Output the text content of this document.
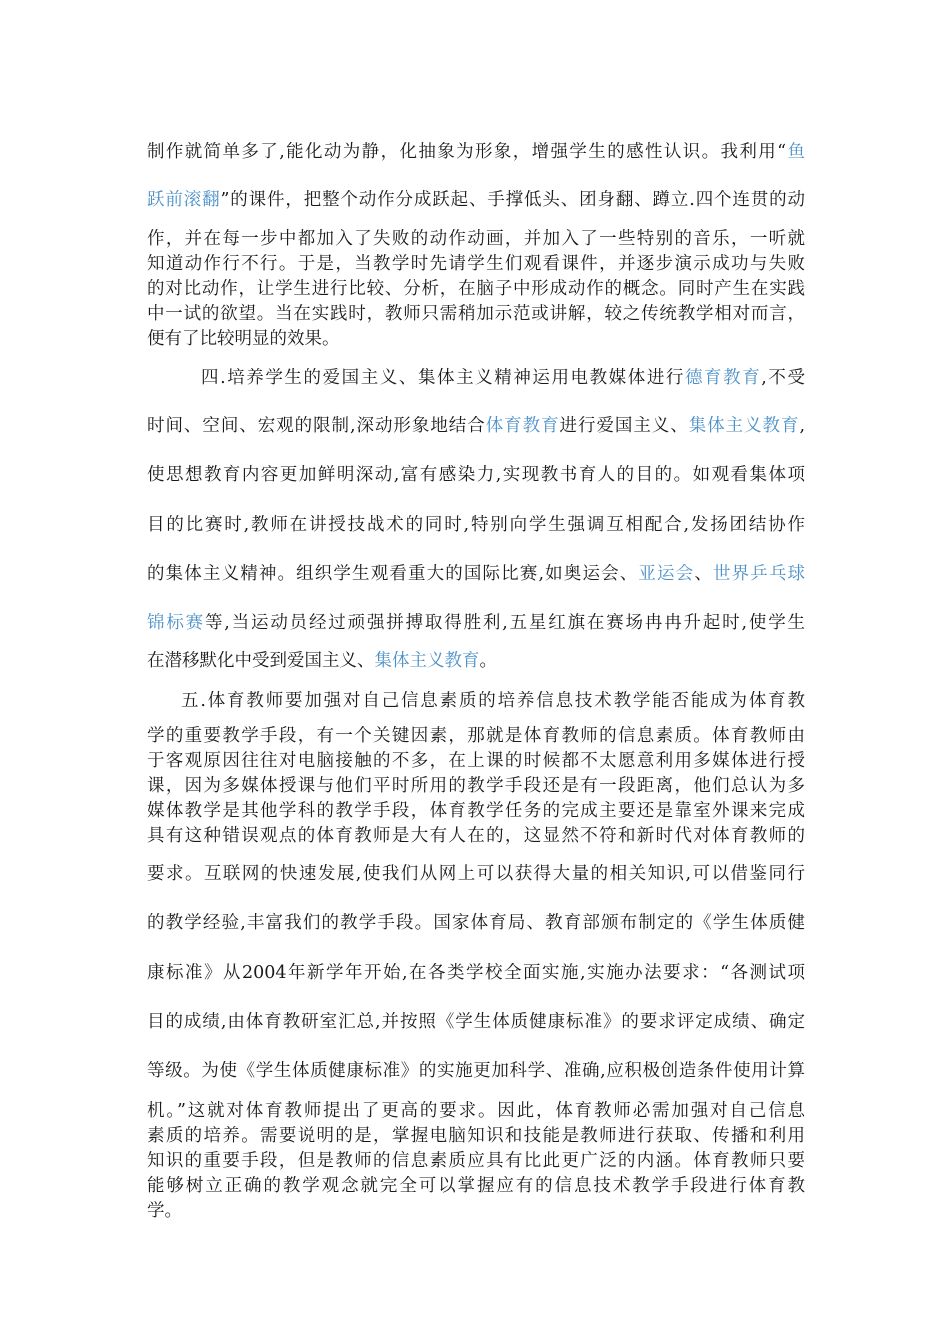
制作就简单多了,能化动为静，化抽象为形象，增强学生的感性认识。我利用“鱼
跃前滚翻”的课件，把整个动作分成跃起、手撑低头、团身翻、蹲立.四个连贯的动
作，并在每一步中都加入了失败的动作动画，并加入了一些特别的音乐，一听就
知道动作行不行。于是，当教学时先请学生们观看课件，并逐步演示成功与失败
的对比动作，让学生进行比较、分析，在脑子中形成动作的概念。同时产生在实践
中一试的欲望。当在实践时，教师只需稍加示范或讲解，较之传统教学相对而言，
便有了比较明显的效果。
四.培养学生的爱国主义、集体主义精神运用电教媒体进行德育教育,不受
时间、空间、宏观的限制,深动形象地结合体育教育进行爱国主义、集体主义教育,
使思想教育内容更加鲜明深动,富有感染力,实现教书育人的目的。如观看集体项
目的比赛时,教师在讲授技战术的同时,特别向学生强调互相配合,发扬团结协作
的集体主义精神。组织学生观看重大的国际比赛,如奥运会、亚运会、世界乒乓球
锦标赛等,当运动员经过顽强拼搏取得胜利,五星红旗在赛场冉冉升起时,使学生
在潜移默化中受到爱国主义、集体主义教育。
五.体育教师要加强对自己信息素质的培养信息技术教学能否能成为体育教
学的重要教学手段，有一个关键因素，那就是体育教师的信息素质。体育教师由
于客观原因往往对电脑接触的不多，在上课的时候都不太愿意利用多媒体进行授
课，因为多媒体授课与他们平时所用的教学手段还是有一段距离，他们总认为多
媒体教学是其他学科的教学手段，体育教学任务的完成主要还是靠室外课来完成
具有这种错误观点的体育教师是大有人在的，这显然不符和新时代对体育教师的
要求。互联网的快速发展,使我们从网上可以获得大量的相关知识,可以借鉴同行
的教学经验,丰富我们的教学手段。国家体育局、教育部颁布制定的《学生体质健
康标准》从2004年新学年开始,在各类学校全面实施,实施办法要求：“各测试项
目的成绩,由体育教研室汇总,并按照《学生体质健康标准》的要求评定成绩、确定
等级。为使《学生体质健康标准》的实施更加科学、准确,应积极创造条件使用计算
机。”这就对体育教师提出了更高的要求。因此，体育教师必需加强对自己信息
素质的培养。需要说明的是，掌握电脑知识和技能是教师进行获取、传播和利用
知识的重要手段，但是教师的信息素质应具有比此更广泛的内涵。体育教师只要
能够树立正确的教学观念就完全可以掌握应有的信息技术教学手段进行体育教
学。
